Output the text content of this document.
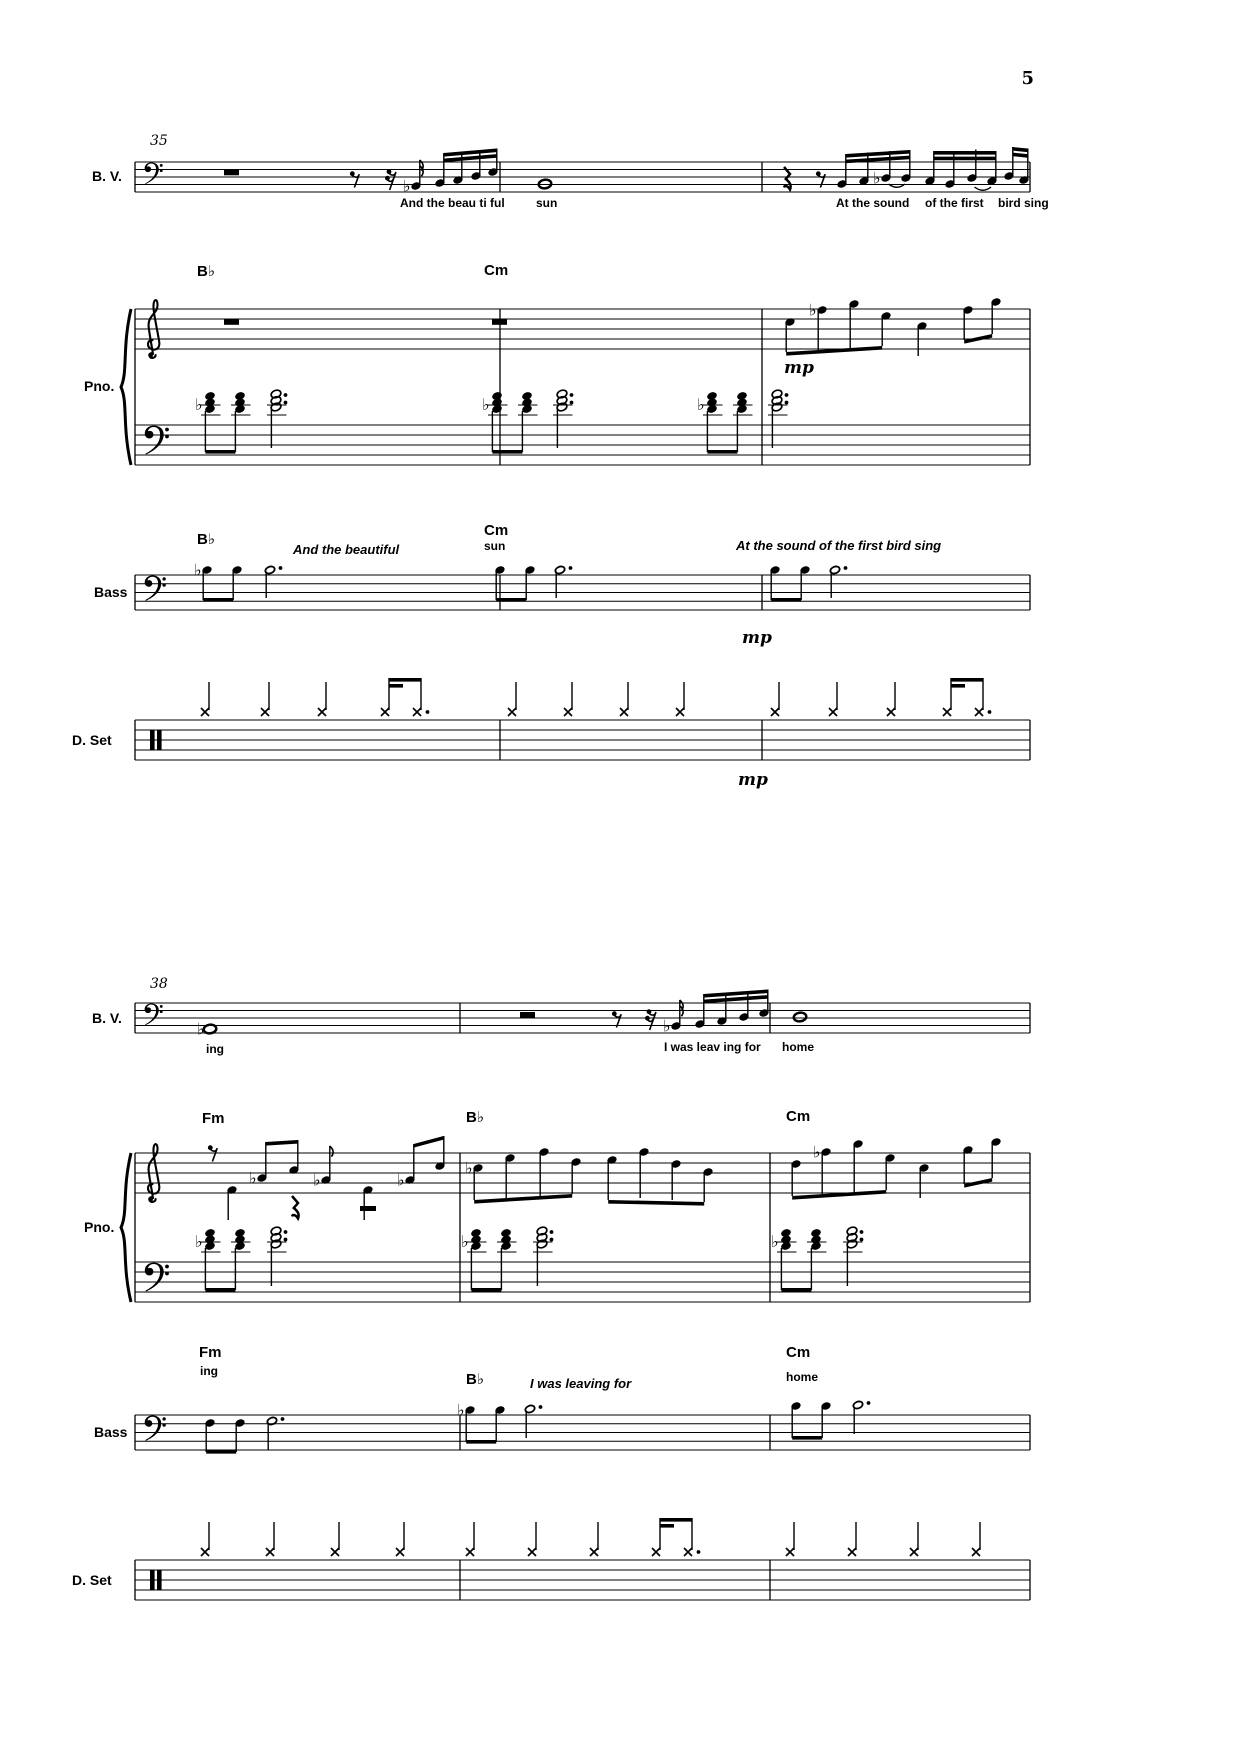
5
♭	♭
♭
♭	♭	♭
♭
♭	♭
♭	♭	♭
♭
♭
♭	♭	♭
♭
B. V.
Pno.
Bass
D. Set
35
B♭	Cm
And the beau ti ful	sun	At the sound of the first bird sing
mp
B♭
And the beautiful
Cm
sun	At the sound of the first bird sing
mp
mp
B. V.
Pno.
Bass
D. Set
38
ing	I was leav ing for home
Fm	B♭	Cm
Fm
ing	B♭	I was leaving for
Cm
home
